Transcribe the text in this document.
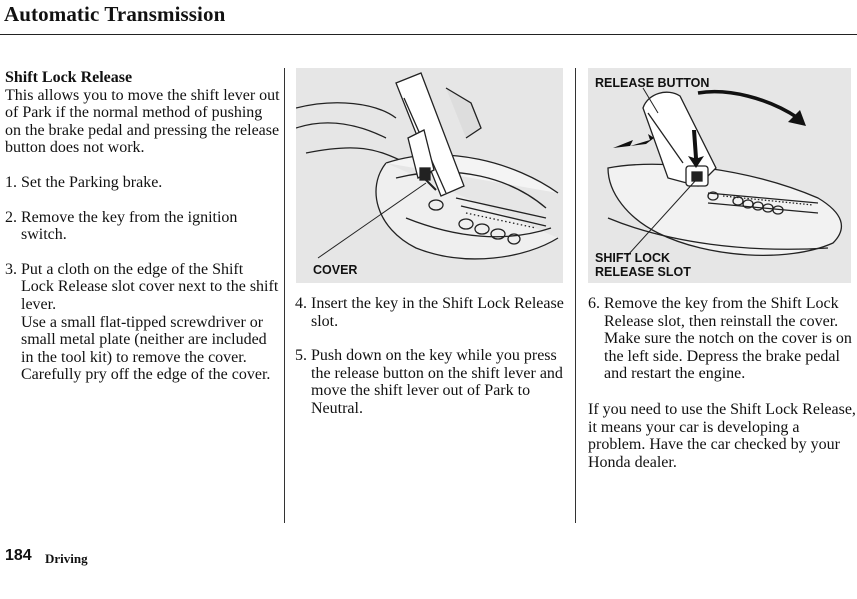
Automatic Transmission
Shift Lock Release

This allows you to move the shift lever out of Park if the normal method of pushing on the brake pedal and pressing the release button does not work.

1. Set the Parking brake.
2. Remove the key from the ignition switch.
3. Put a cloth on the edge of the Shift Lock Release slot cover next to the shift lever.
Use a small flat-tipped screwdriver or small metal plate (neither are included in the tool kit) to remove the cover. Carefully pry off the edge of the cover.
COVER
4. Insert the key in the Shift Lock Release slot.
5. Push down on the key while you press the release button on the shift lever and move the shift lever out of Park to Neutral.
RELEASE BUTTON
SHIFT LOCK
RELEASE SLOT
6. Remove the key from the Shift Lock Release slot, then reinstall the cover. Make sure the notch on the cover is on the left side. Depress the brake pedal and restart the engine.

If you need to use the Shift Lock Release, it means your car is developing a problem. Have the car checked by your Honda dealer.

184 Driving
